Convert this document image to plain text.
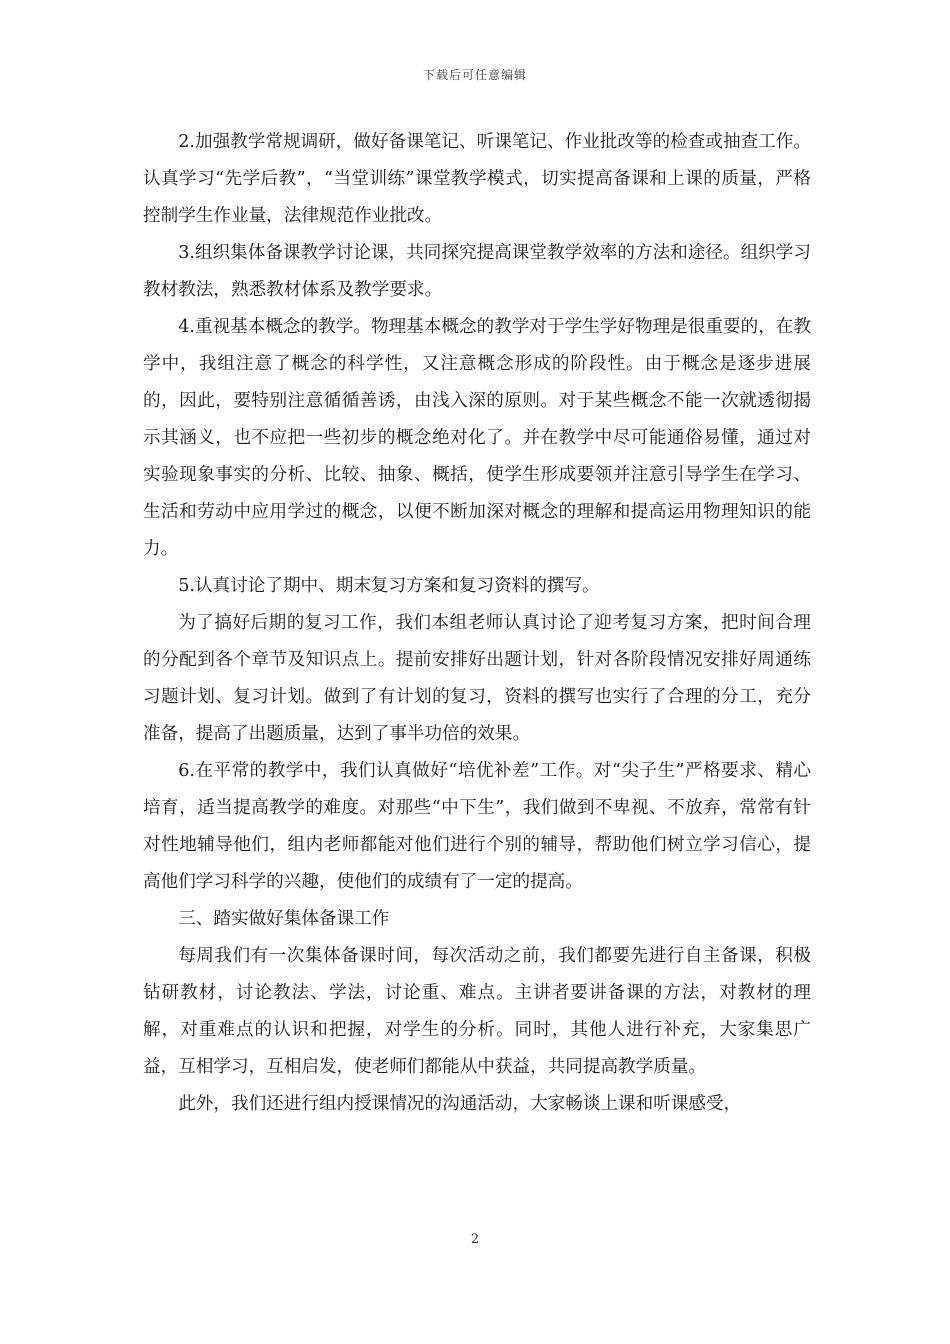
下载后可任意编辑

2.加强教学常规调研，做好备课笔记、听课笔记、作业批改等的检查或抽查工作。认真学习“先学后教”，“当堂训练”课堂教学模式，切实提高备课和上课的质量，严格控制学生作业量，法律规范作业批改。

3.组织集体备课教学讨论课，共同探究提高课堂教学效率的方法和途径。组织学习教材教法，熟悉教材体系及教学要求。

4.重视基本概念的教学。物理基本概念的教学对于学生学好物理是很重要的，在教学中，我组注意了概念的科学性，又注意概念形成的阶段性。由于概念是逐步进展的，因此，要特别注意循循善诱，由浅入深的原则。对于某些概念不能一次就透彻揭示其涵义，也不应把一些初步的概念绝对化了。并在教学中尽可能通俗易懂，通过对实验现象事实的分析、比较、抽象、概括，使学生形成要领并注意引导学生在学习、生活和劳动中应用学过的概念，以便不断加深对概念的理解和提高运用物理知识的能力。

5.认真讨论了期中、期末复习方案和复习资料的撰写。

为了搞好后期的复习工作，我们本组老师认真讨论了迎考复习方案，把时间合理的分配到各个章节及知识点上。提前安排好出题计划，针对各阶段情况安排好周通练习题计划、复习计划。做到了有计划的复习，资料的撰写也实行了合理的分工，充分准备，提高了出题质量，达到了事半功倍的效果。

6.在平常的教学中，我们认真做好“培优补差”工作。对“尖子生”严格要求、精心培育，适当提高教学的难度。对那些“中下生”，我们做到不卑视、不放弃，常常有针对性地辅导他们，组内老师都能对他们进行个别的辅导，帮助他们树立学习信心，提高他们学习科学的兴趣，使他们的成绩有了一定的提高。

三、踏实做好集体备课工作

每周我们有一次集体备课时间，每次活动之前，我们都要先进行自主备课，积极钻研教材，讨论教法、学法，讨论重、难点。主讲者要讲备课的方法，对教材的理解，对重难点的认识和把握，对学生的分析。同时，其他人进行补充，大家集思广益，互相学习，互相启发，使老师们都能从中获益，共同提高教学质量。

此外，我们还进行组内授课情况的沟通活动，大家畅谈上课和听课感受，

2
